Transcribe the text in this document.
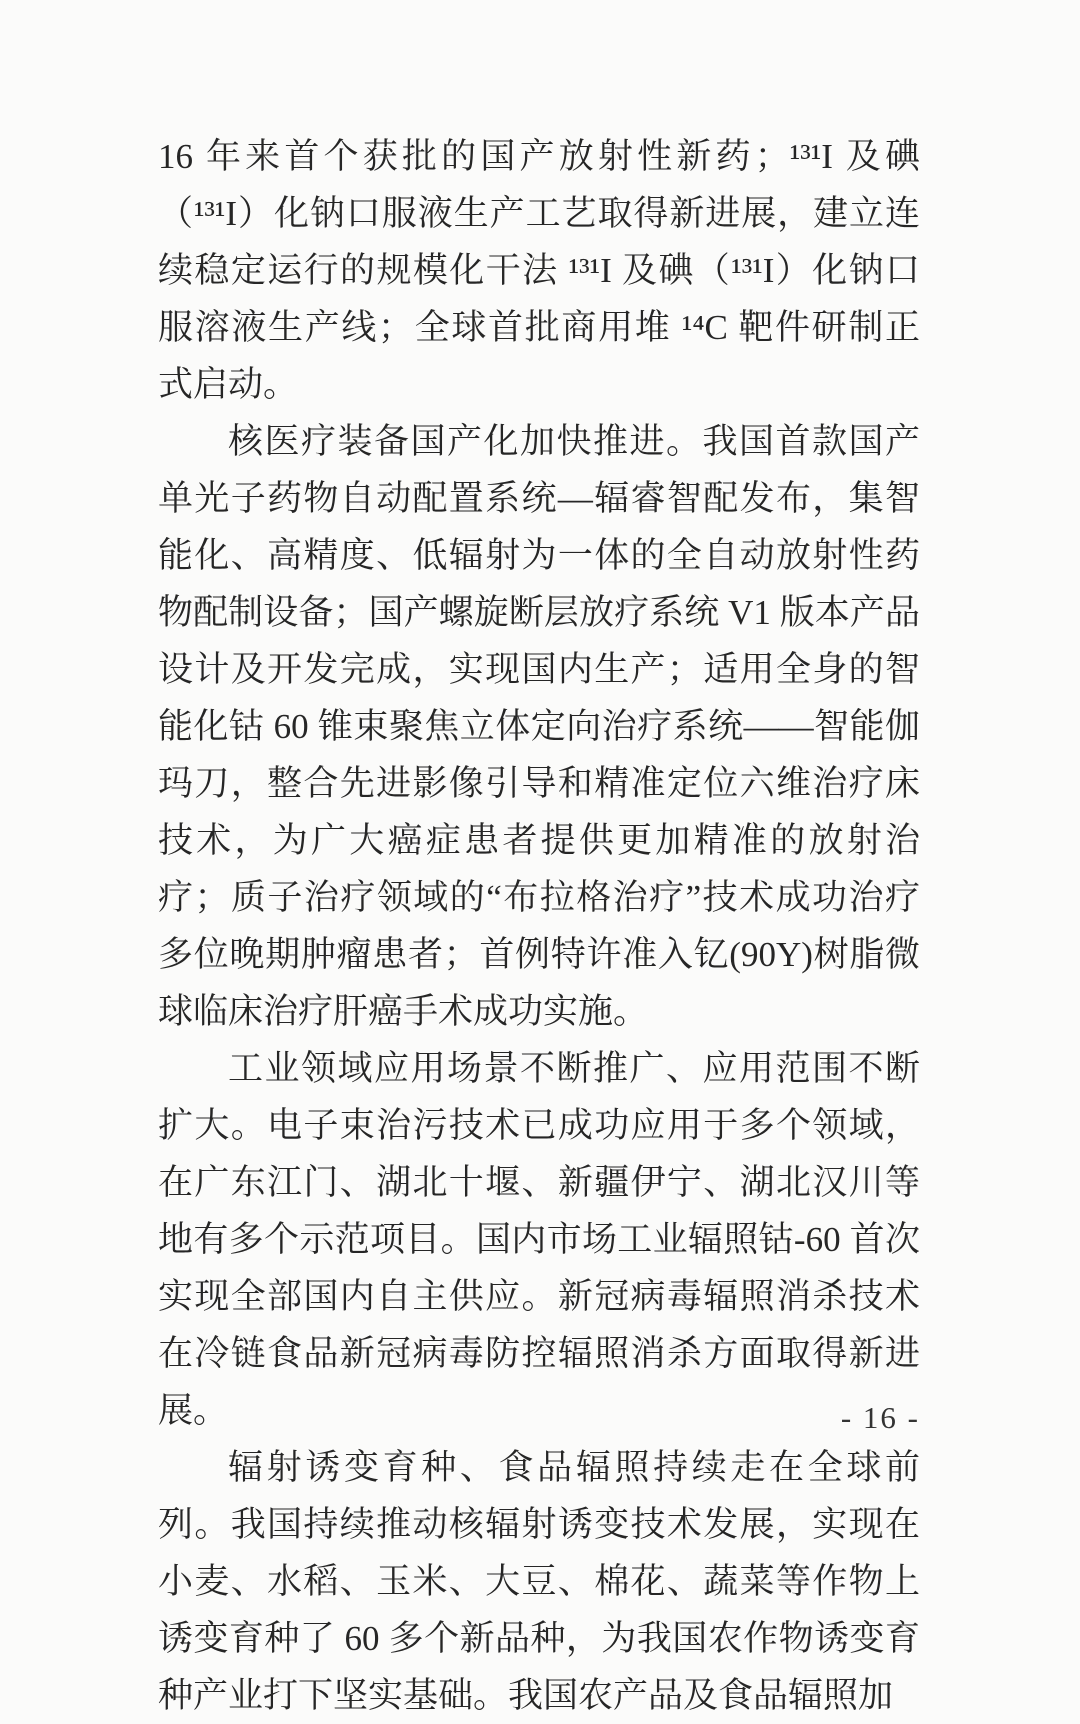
16 年来首个获批的国产放射性新药；¹³¹I 及碘（¹³¹I）化钠口服液生产工艺取得新进展，建立连续稳定运行的规模化干法 ¹³¹I 及碘（¹³¹I）化钠口服溶液生产线；全球首批商用堆 ¹⁴C 靶件研制正式启动。

核医疗装备国产化加快推进。我国首款国产单光子药物自动配置系统—辐睿智配发布，集智能化、高精度、低辐射为一体的全自动放射性药物配制设备；国产螺旋断层放疗系统 V1 版本产品设计及开发完成，实现国内生产；适用全身的智能化钴 60 锥束聚焦立体定向治疗系统——智能伽玛刀，整合先进影像引导和精准定位六维治疗床技术，为广大癌症患者提供更加精准的放射治疗；质子治疗领域的“布拉格治疗”技术成功治疗多位晚期肿瘤患者；首例特许准入钇(90Y)树脂微球临床治疗肝癌手术成功实施。

工业领域应用场景不断推广、应用范围不断扩大。电子束治污技术已成功应用于多个领域，在广东江门、湖北十堰、新疆伊宁、湖北汉川等地有多个示范项目。国内市场工业辐照钴-60 首次实现全部国内自主供应。新冠病毒辐照消杀技术在冷链食品新冠病毒防控辐照消杀方面取得新进展。

辐射诱变育种、食品辐照持续走在全球前列。我国持续推动核辐射诱变技术发展，实现在小麦、水稻、玉米、大豆、棉花、蔬菜等作物上诱变育种了 60 多个新品种，为我国农作物诱变育种产业打下坚实基础。我国农产品及食品辐照加

- 16 -
